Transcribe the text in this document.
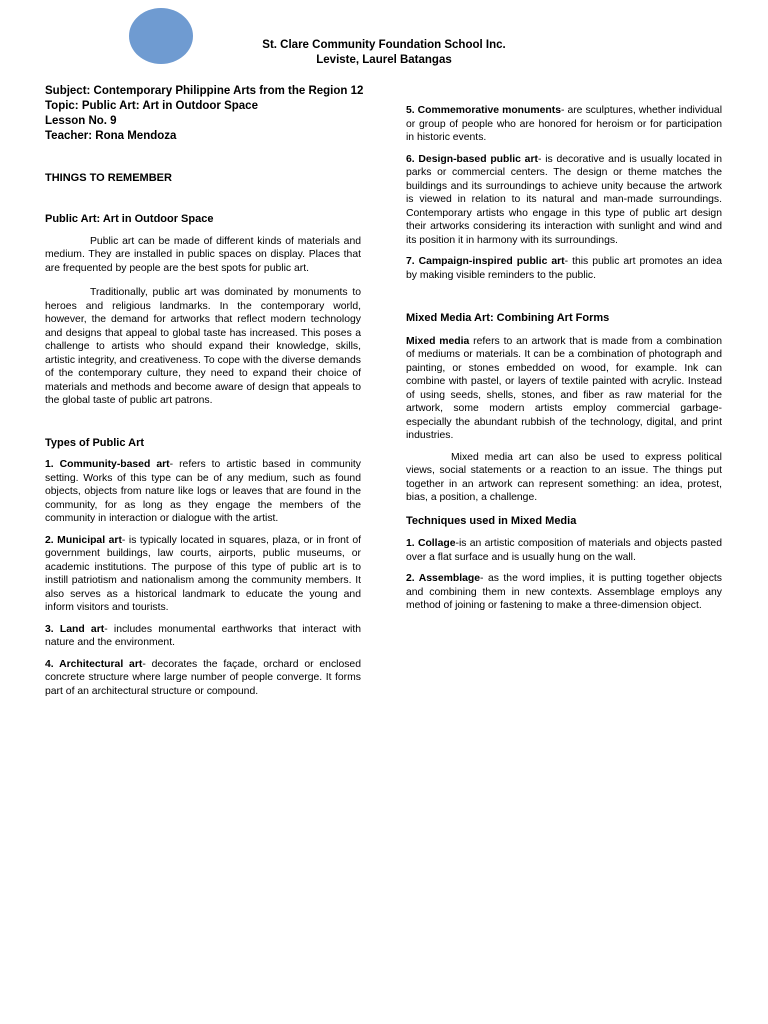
St. Clare Community Foundation School Inc.
Leviste, Laurel Batangas
Subject: Contemporary Philippine Arts from the Region 12
Topic: Public Art: Art in Outdoor Space
Lesson No. 9
Teacher: Rona Mendoza
THINGS TO REMEMBER

Public Art: Art in Outdoor Space

Public art can be made of different kinds of materials and medium. They are installed in public spaces on display. Places that are frequented by people are the best spots for public art.

Traditionally, public art was dominated by monuments to heroes and religious landmarks. In the contemporary world, however, the demand for artworks that reflect modern technology and designs that appeal to global taste has increased. This poses a challenge to artists who should expand their knowledge, skills, artistic integrity, and creativeness. To cope with the diverse demands of the contemporary culture, they need to expand their choice of materials and methods and become aware of design that appeals to the global taste of public art patrons.

Types of Public Art

1. Community-based art- refers to artistic based in community setting. Works of this type can be of any medium, such as found objects, objects from nature like logs or leaves that are found in the community, for as long as they engage the members of the community in interaction or dialogue with the artist.

2. Municipal art- is typically located in squares, plaza, or in front of government buildings, law courts, airports, public museums, or academic institutions. The purpose of this type of public art is to instill patriotism and nationalism among the community members. It also serves as a historical landmark to educate the young and inform visitors and tourists.

3. Land art- includes monumental earthworks that interact with nature and the environment.

4. Architectural art- decorates the façade, orchard or enclosed concrete structure where large number of people converge. It forms part of an architectural structure or compound.

5. Commemorative monuments- are sculptures, whether individual or group of people who are honored for heroism or for participation in historic events.

6. Design-based public art- is decorative and is usually located in parks or commercial centers. The design or theme matches the buildings and its surroundings to achieve unity because the artwork is viewed in relation to its natural and man-made surroundings. Contemporary artists who engage in this type of public art design their artworks considering its interaction with sunlight and wind and its position it in harmony with its surroundings.

7. Campaign-inspired public art- this public art promotes an idea by making visible reminders to the public.

Mixed Media Art: Combining Art Forms

Mixed media refers to an artwork that is made from a combination of mediums or materials. It can be a combination of photograph and painting, or stones embedded on wood, for example. Ink can combine with pastel, or layers of textile painted with acrylic. Instead of using seeds, shells, stones, and fiber as raw material for the artwork, some modern artists employ commercial garbage-especially the abundant rubbish of the technology, digital, and print industries.

Mixed media art can also be used to express political views, social statements or a reaction to an issue. The things put together in an artwork can represent something: an idea, protest, bias, a position, a challenge.

Techniques used in Mixed Media

1. Collage-is an artistic composition of materials and objects pasted over a flat surface and is usually hung on the wall.

2. Assemblage- as the word implies, it is putting together objects and combining them in new contexts. Assemblage employs any method of joining or fastening to make a three-dimension object.
